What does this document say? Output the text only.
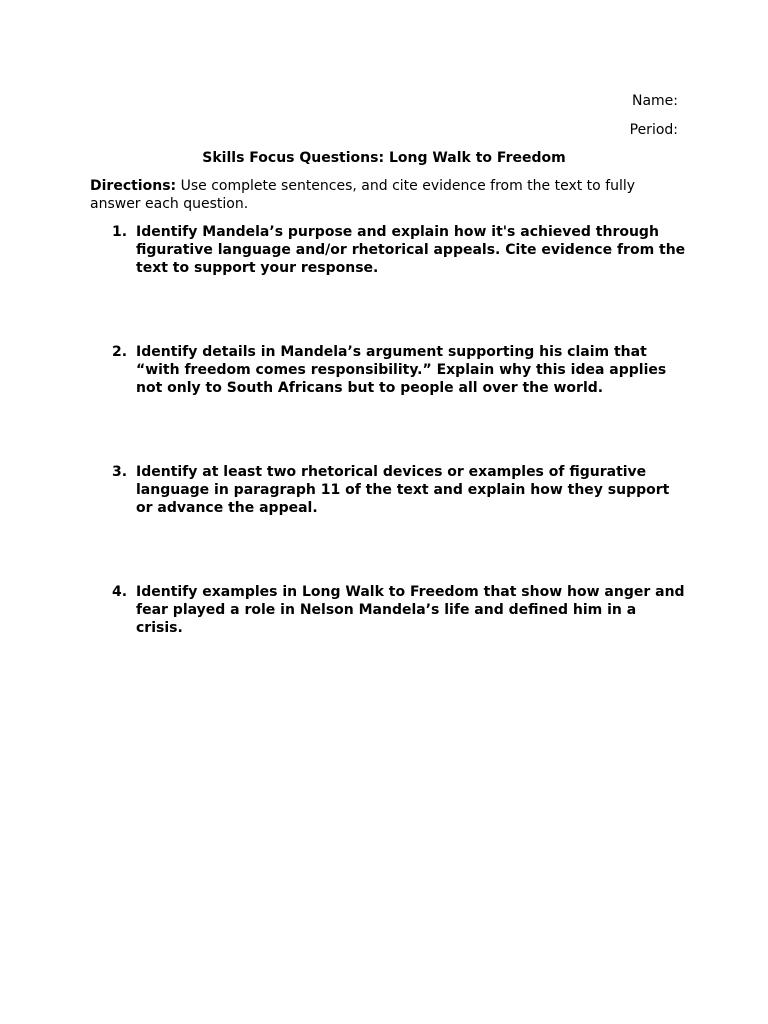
Name:
Period:
Skills Focus Questions: Long Walk to Freedom
Directions: Use complete sentences, and cite evidence from the text to fully answer each question.
1. Identify Mandela’s purpose and explain how it's achieved through figurative language and/or rhetorical appeals. Cite evidence from the text to support your response.
2. Identify details in Mandela’s argument supporting his claim that “with freedom comes responsibility.” Explain why this idea applies not only to South Africans but to people all over the world.
3. Identify at least two rhetorical devices or examples of figurative language in paragraph 11 of the text and explain how they support or advance the appeal.
4. Identify examples in Long Walk to Freedom that show how anger and fear played a role in Nelson Mandela’s life and defined him in a crisis.
